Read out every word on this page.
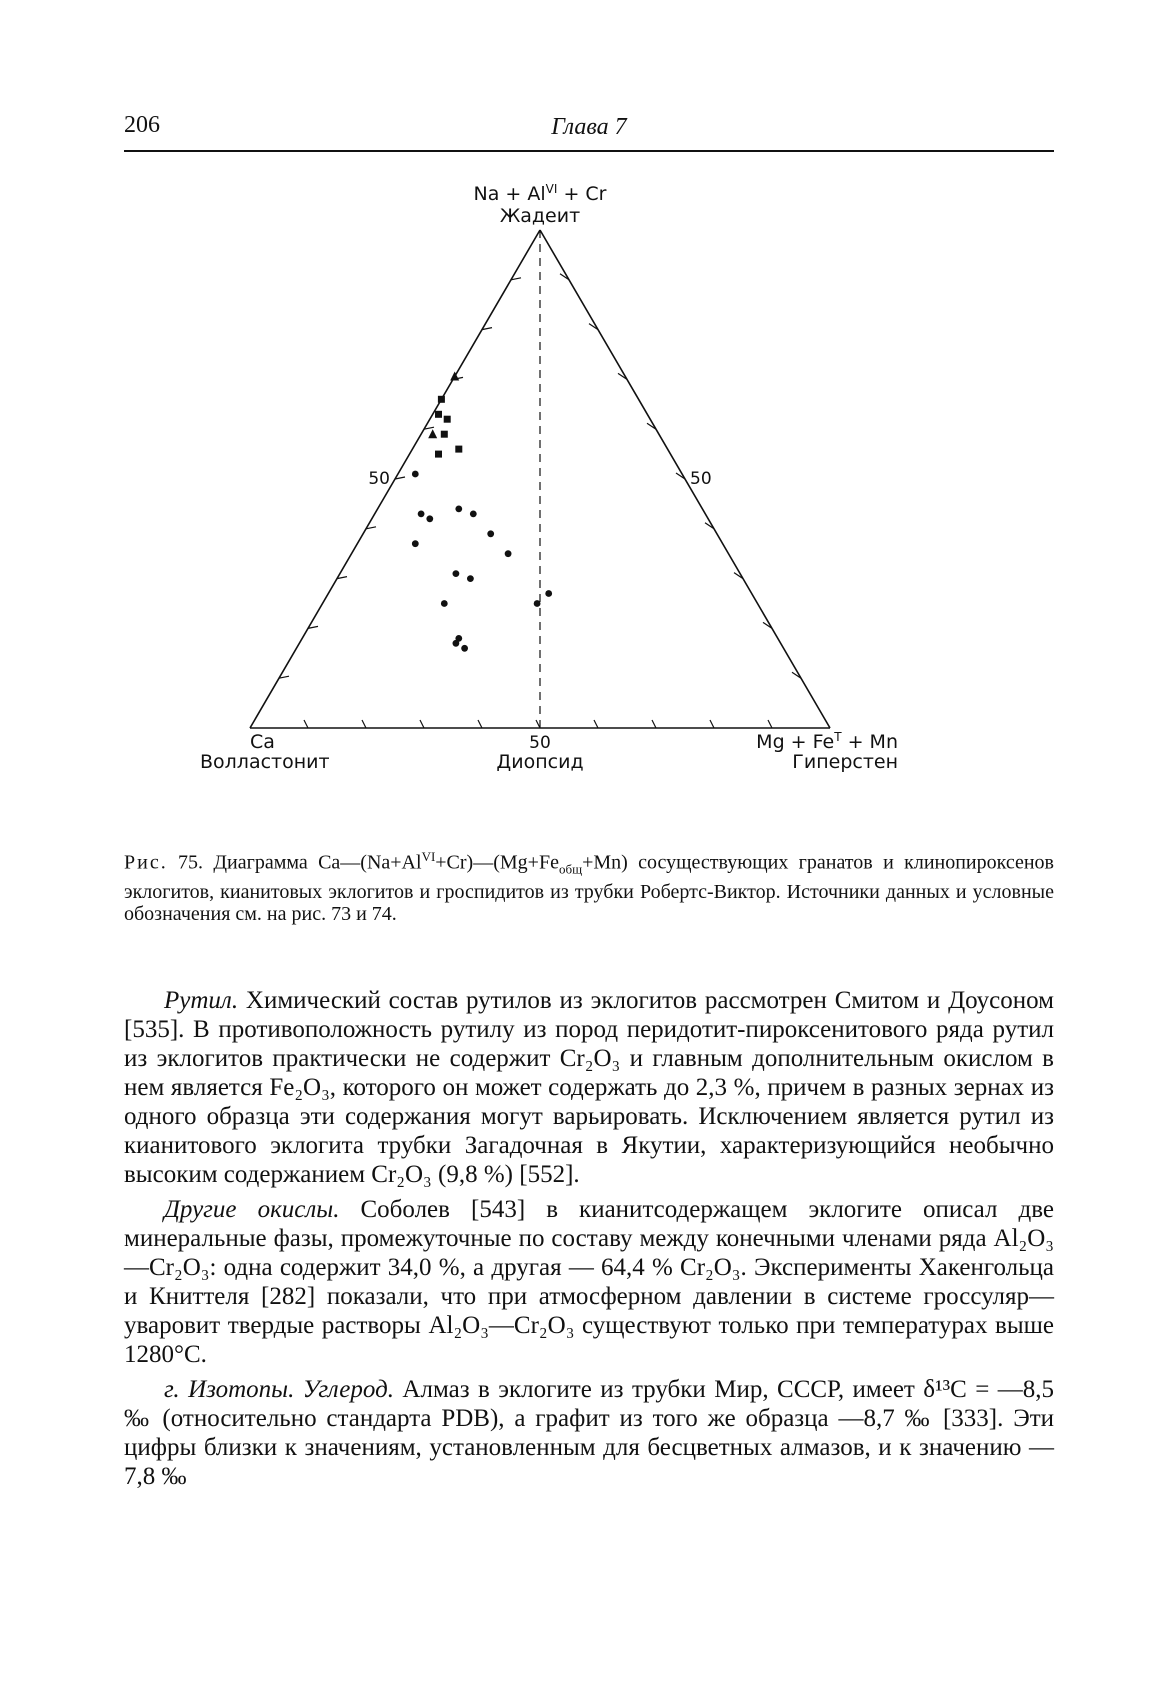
206	Глава 7
$Na + Al^{VI} + Cr$
Жадеит
Ca
Волластонит
$Mg + Fe^T + Mn$
Гиперстен
50
Диопсид
50	50
Рис. 75. Диаграмма $Ca—(Na+Al^{VI}+Cr)—(Mg+Fe_{общ}+Mn)$ сосуществующих гранатов и клинопироксенов эклогитов, кианитовых эклогитов и гроспидитов из трубки Робертс-Виктор. Источники данных и условные обозначения см. на рис. 73 и 74.

Рутил. Химический состав рутилов из эклогитов рассмотрен Смитом и Доусоном [535]. В противоположность рутилу из пород перидотит-пироксенитового ряда рутил из эклогитов практически не содержит Cr₂O₃ и главным дополнительным окислом в нем является Fe₂O₃, которого он может содержать до 2,3 %, причем в разных зернах из одного образца эти содержания могут варьировать. Исключением является рутил из кианитового эклогита трубки Загадочная в Якутии, характеризующийся необычно высоким содержанием Cr₂O₃ (9,8 %) [552].

Другие окислы. Соболев [543] в кианитсодержащем эклогите описал две минеральные фазы, промежуточные по составу между конечными членами ряда Al₂O₃—Cr₂O₃: одна содержит 34,0 %, а другая — 64,4 % Cr₂O₃. Эксперименты Хакенгольца и Книттеля [282] показали, что при атмосферном давлении в системе гроссуляр—уваровит твердые растворы Al₂O₃—Cr₂O₃ существуют только при температурах выше 1280°C.

г. Изотопы. Углерод. Алмаз в эклогите из трубки Мир, СССР, имеет δ¹³C = —8,5 ‰ (относительно стандарта PDB), а графит из того же образца —8,7 ‰ [333]. Эти цифры близки к значениям, установленным для бесцветных алмазов, и к значению —7,8 ‰
